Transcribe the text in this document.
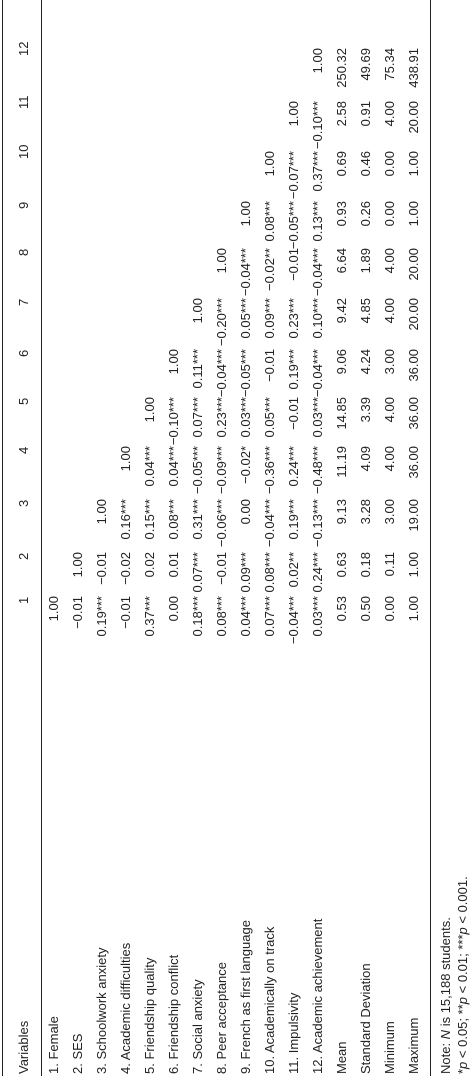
Variables
1
2
3
4
5
6
7
8
9
10
11
12
1. Female
1.00
2. SES
−0.01
1.00
3. Schoolwork anxiety
0.19***
−0.01
1.00
4. Academic difficulties
−0.01
−0.02
0.16***
1.00
5. Friendship quality
0.37***
0.02
0.15***
0.04***
1.00
6. Friendship conflict
0.00
0.01
0.08***
0.04***
−0.10***
1.00
7. Social anxiety
0.18***
0.07***
0.31***
−0.05***
0.07***
0.11***
1.00
8. Peer acceptance
0.08***
−0.01
−0.06***
−0.09***
0.23***
−0.04***
−0.20***
1.00
9. French as first language
0.04***
0.09***
0.00
−0.02*
0.03***
−0.05***
0.05***
−0.04***
1.00
10. Academically on track
0.07***
0.08***
−0.04***
−0.36***
0.05***
−0.01
0.09***
−0.02**
0.08***
1.00
11. Impulsivity
−0.04***
0.02**
0.19***
0.24***
−0.01
0.19***
0.23***
−0.01
−0.05***
−0.07***
1.00
12. Academic achievement
0.03***
0.24***
−0.13***
−0.48***
0.03***
−0.04***
0.10***
−0.04***
0.13***
0.37***
−0.10***
1.00
Mean
0.53
0.63
9.13
11.19
14.85
9.06
9.42
6.64
0.93
0.69
2.58
250.32
Standard Deviation
0.50
0.18
3.28
4.09
3.39
4.24
4.85
1.89
0.26
0.46
0.91
49.69
Minimum
0.00
0.11
3.00
4.00
4.00
3.00
4.00
4.00
0.00
0.00
4.00
75.34
Maximum
1.00
1.00
19.00
36.00
36.00
36.00
20.00
20.00
1.00
1.00
20.00
438.91
Note: N is 15,188 students.
*p < 0.05; **p < 0.01; ***p < 0.001.
